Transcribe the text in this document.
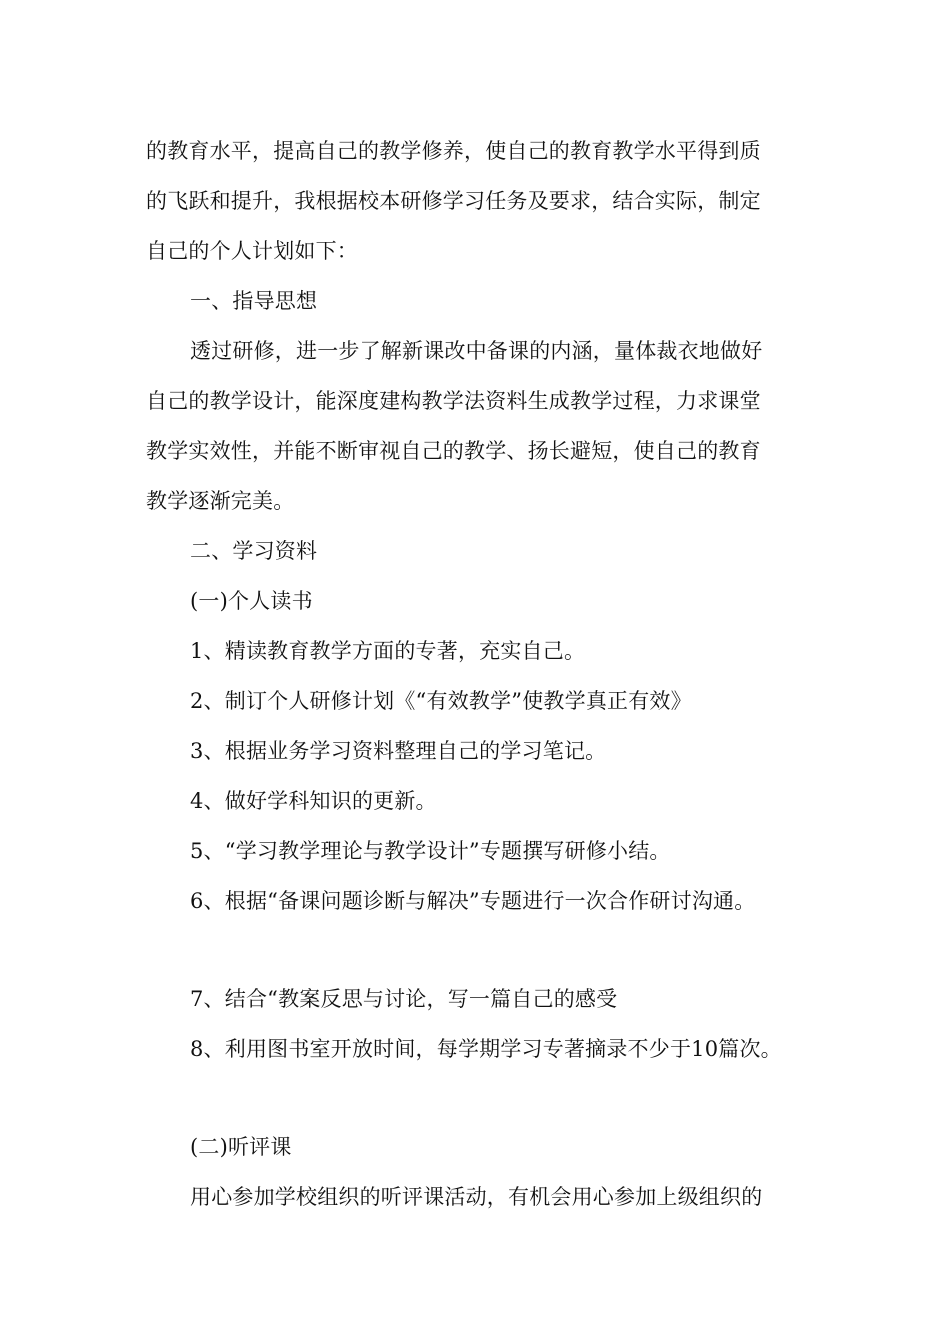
的教育水平，提高自己的教学修养，使自己的教育教学水平得到质
的飞跃和提升，我根据校本研修学习任务及要求，结合实际，制定
自己的个人计划如下：
一、指导思想
透过研修，进一步了解新课改中备课的内涵，量体裁衣地做好
自己的教学设计，能深度建构教学法资料生成教学过程，力求课堂
教学实效性，并能不断审视自己的教学、扬长避短，使自己的教育
教学逐渐完美。
二、学习资料
(一)个人读书
1、精读教育教学方面的专著，充实自己。
2、制订个人研修计划《“有效教学”使教学真正有效》
3、根据业务学习资料整理自己的学习笔记。
4、做好学科知识的更新。
5、“学习教学理论与教学设计”专题撰写研修小结。
6、根据“备课问题诊断与解决”专题进行一次合作研讨沟通。
7、结合“教案反思与讨论，写一篇自己的感受
8、利用图书室开放时间，每学期学习专著摘录不少于10篇次。
(二)听评课
用心参加学校组织的听评课活动，有机会用心参加上级组织的
